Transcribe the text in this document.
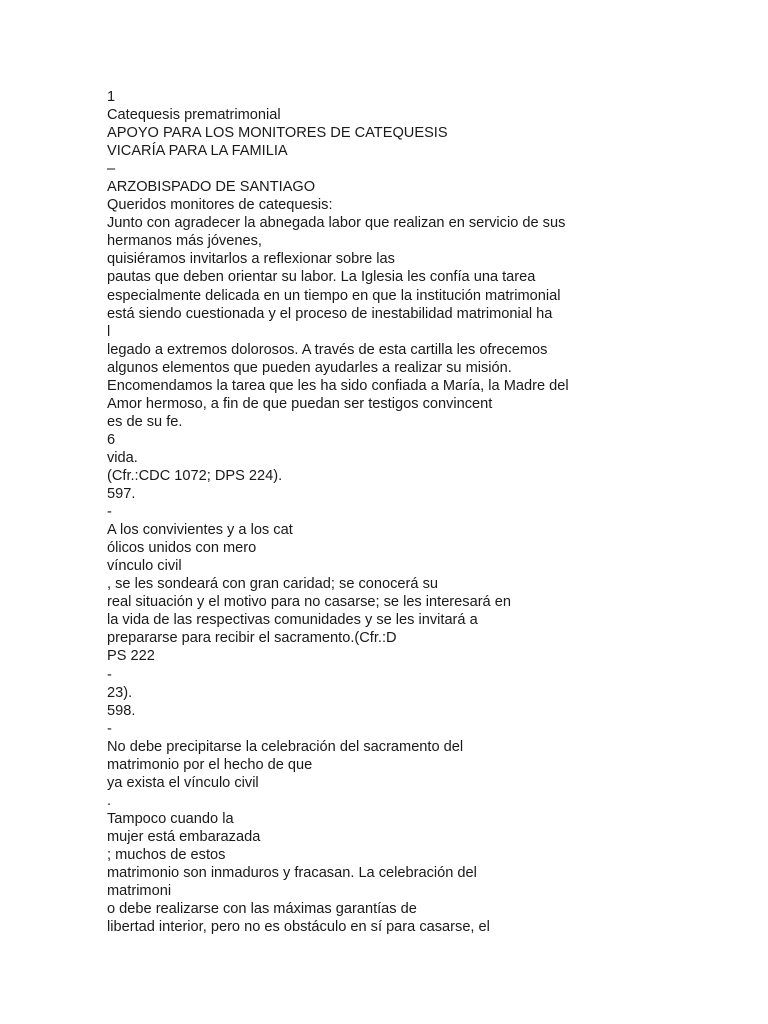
1

Catequesis prematrimonial

APOYO PARA LOS MONITORES DE CATEQUESIS

VICARÍA PARA LA FAMILIA

–

ARZOBISPADO DE SANTIAGO

Queridos monitores de catequesis:

Junto con agradecer la abnegada labor que realizan en servicio de sus

hermanos más jóvenes,

quisiéramos invitarlos a reflexionar sobre las

pautas que deben orientar su labor. La Iglesia les confía una tarea

especialmente delicada en un tiempo en que la institución matrimonial

está siendo cuestionada y el proceso de inestabilidad matrimonial ha

l

legado a extremos dolorosos. A través de esta cartilla les ofrecemos

algunos elementos que pueden ayudarles a realizar su misión.

Encomendamos la tarea que les ha sido confiada a María, la Madre del

Amor hermoso, a fin de que puedan ser testigos convincent

es de su fe.

6

vida.

(Cfr.:CDC 1072; DPS 224).

597.

-

A los convivientes y a los cat

ólicos unidos con mero

vínculo civil

, se les sondeará con gran caridad; se conocerá su

real situación y el motivo para no casarse; se les interesará en

la vida de las respectivas comunidades y se les invitará a

prepararse para recibir el sacramento.(Cfr.:D

PS 222

-

23).

598.

-

No debe precipitarse la celebración del sacramento del

matrimonio por el hecho de que

ya exista el vínculo civil

.

Tampoco cuando la

mujer está embarazada

; muchos de estos

matrimonio son inmaduros y fracasan. La celebración del

matrimoni

o debe realizarse con las máximas garantías de

libertad interior, pero no es obstáculo en sí para casarse, el
